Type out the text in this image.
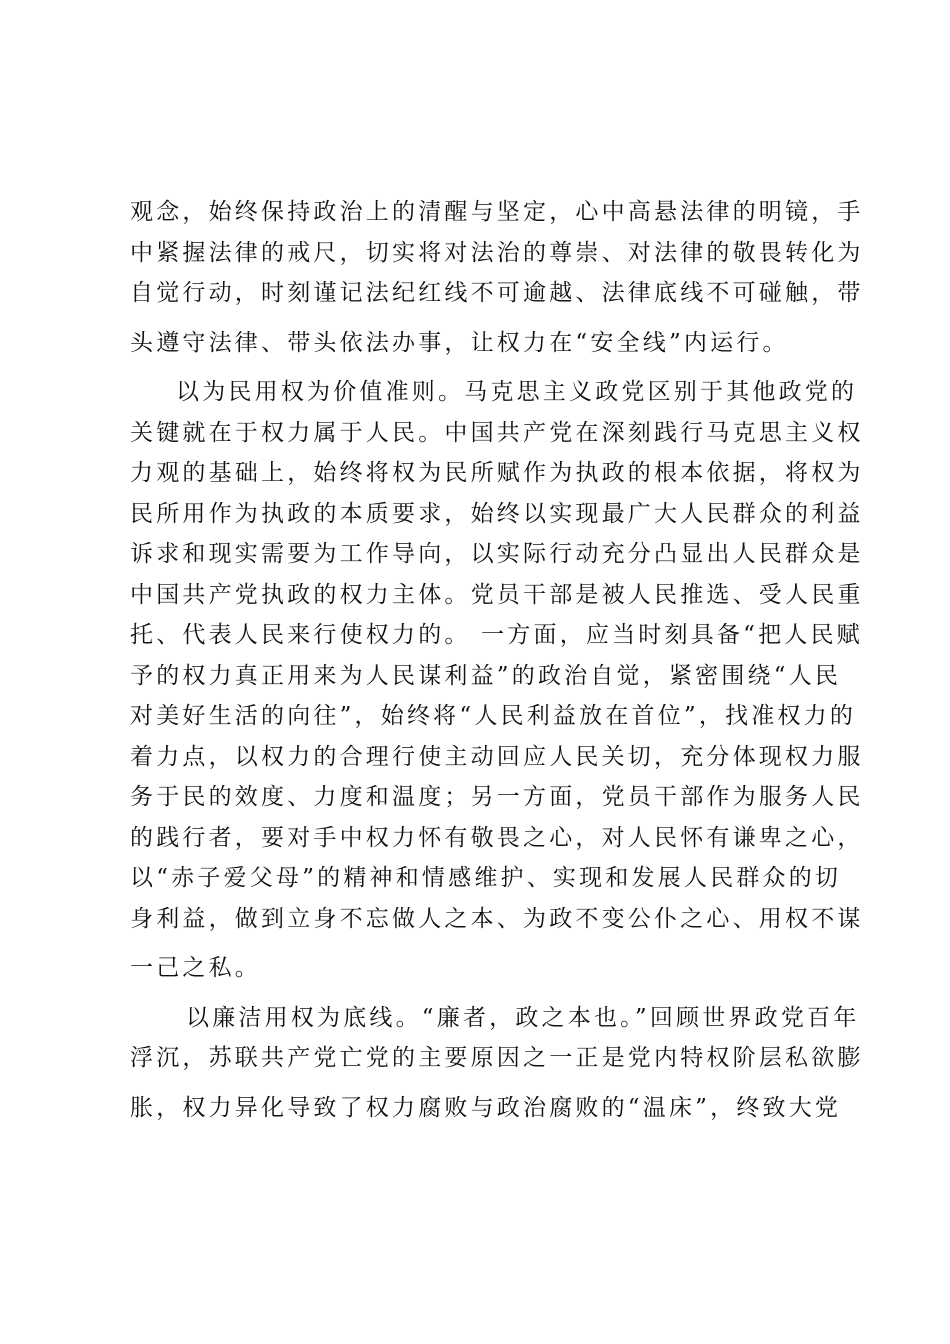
观念，始终保持政治上的清醒与坚定，心中高悬法律的明镜，手
中紧握法律的戒尺，切实将对法治的尊崇、对法律的敬畏转化为
自觉行动，时刻谨记法纪红线不可逾越、法律底线不可碰触，带
头遵守法律、带头依法办事，让权力在“安全线”内运行。
以为民用权为价值准则。马克思主义政党区别于其他政党的
关键就在于权力属于人民。中国共产党在深刻践行马克思主义权
力观的基础上，始终将权为民所赋作为执政的根本依据，将权为
民所用作为执政的本质要求，始终以实现最广大人民群众的利益
诉求和现实需要为工作导向，以实际行动充分凸显出人民群众是
中国共产党执政的权力主体。党员干部是被人民推选、受人民重
托、代表人民来行使权力的。 一方面，应当时刻具备“把人民赋
予的权力真正用来为人民谋利益”的政治自觉，紧密围绕“人民
对美好生活的向往”，始终将“人民利益放在首位”，找准权力的
着力点，以权力的合理行使主动回应人民关切，充分体现权力服
务于民的效度、力度和温度；另一方面，党员干部作为服务人民
的践行者，要对手中权力怀有敬畏之心，对人民怀有谦卑之心，
以“赤子爱父母”的精神和情感维护、实现和发展人民群众的切
身利益，做到立身不忘做人之本、为政不变公仆之心、用权不谋
一己之私。
以廉洁用权为底线。“廉者，政之本也。”回顾世界政党百年
浮沉，苏联共产党亡党的主要原因之一正是党内特权阶层私欲膨
胀，权力异化导致了权力腐败与政治腐败的“温床”，终致大党
